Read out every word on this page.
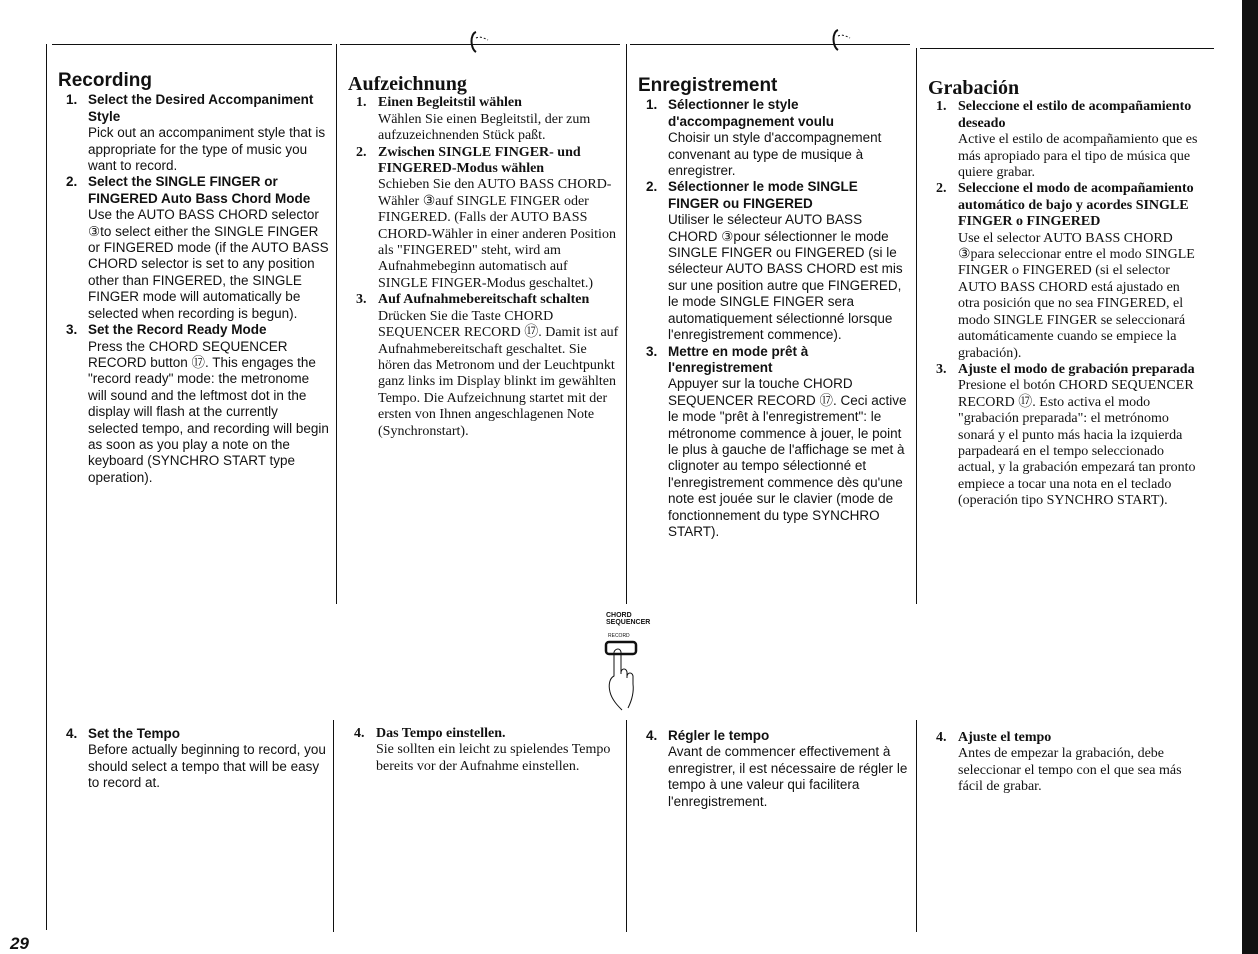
Recording
1. Select the Desired Accompaniment Style
Pick out an accompaniment style that is appropriate for the type of music you want to record.
2. Select the SINGLE FINGER or FINGERED Auto Bass Chord Mode
Use the AUTO BASS CHORD selector ③to select either the SINGLE FINGER or FINGERED mode (if the AUTO BASS CHORD selector is set to any position other than FINGERED, the SINGLE FINGER mode will automatically be selected when recording is begun).
3. Set the Record Ready Mode
Press the CHORD SEQUENCER RECORD button ⑰. This engages the "record ready" mode: the metronome will sound and the leftmost dot in the display will flash at the currently selected tempo, and recording will begin as soon as you play a note on the keyboard (SYNCHRO START type operation).
Aufzeichnung
1. Einen Begleitstil wählen
Wählen Sie einen Begleitstil, der zum aufzuzeichnenden Stück paßt.
2. Zwischen SINGLE FINGER- und FINGERED-Modus wählen
Schieben Sie den AUTO BASS CHORD-Wähler ③auf SINGLE FINGER oder FINGERED. (Falls der AUTO BASS CHORD-Wähler in einer anderen Position als "FINGERED" steht, wird am Aufnahmebeginn automatisch auf SINGLE FINGER-Modus geschaltet.)
3. Auf Aufnahmebereitschaft schalten
Drücken Sie die Taste CHORD SEQUENCER RECORD ⑰. Damit ist auf Aufnahmebereitschaft geschaltet. Sie hören das Metronom und der Leuchtpunkt ganz links im Display blinkt im gewählten Tempo. Die Aufzeichnung startet mit der ersten von Ihnen angeschlagenen Note (Synchronstart).
Enregistrement
1. Sélectionner le style d'accompagnement voulu
Choisir un style d'accompagnement convenant au type de musique à enregistrer.
2. Sélectionner le mode SINGLE FINGER ou FINGERED
Utiliser le sélecteur AUTO BASS CHORD ③pour sélectionner le mode SINGLE FINGER ou FINGERED (si le sélecteur AUTO BASS CHORD est mis sur une position autre que FINGERED, le mode SINGLE FINGER sera automatiquement sélectionné lorsque l'enregistrement commence).
3. Mettre en mode prêt à l'enregistrement
Appuyer sur la touche CHORD SEQUENCER RECORD ⑰. Ceci active le mode "prêt à l'enregistrement": le métronome commence à jouer, le point le plus à gauche de l'affichage se met à clignoter au tempo sélectionné et l'enregistrement commence dès qu'une note est jouée sur le clavier (mode de fonctionnement du type SYNCHRO START).
Grabación
1. Seleccione el estilo de acompañamiento deseado
Active el estilo de acompañamiento que es más apropiado para el tipo de música que quiere grabar.
2. Seleccione el modo de acompañamiento automático de bajo y acordes SINGLE FINGER o FINGERED
Use el selector AUTO BASS CHORD ③para seleccionar entre el modo SINGLE FINGER o FINGERED (si el selector AUTO BASS CHORD está ajustado en otra posición que no sea FINGERED, el modo SINGLE FINGER se seleccionará automáticamente cuando se empiece la grabación).
3. Ajuste el modo de grabación preparada
Presione el botón CHORD SEQUENCER RECORD ⑰. Esto activa el modo "grabación preparada": el metrónomo sonará y el punto más hacia la izquierda parpadeará en el tempo seleccionado actual, y la grabación empezará tan pronto empiece a tocar una nota en el teclado (operación tipo SYNCHRO START).
CHORD
SEQUENCER
RECORD
4. Set the Tempo
Before actually beginning to record, you should select a tempo that will be easy to record at.
4. Das Tempo einstellen.
Sie sollten ein leicht zu spielendes Tempo bereits vor der Aufnahme einstellen.
4. Régler le tempo
Avant de commencer effectivement à enregistrer, il est nécessaire de régler le tempo à une valeur qui facilitera l'enregistrement.
4. Ajuste el tempo
Antes de empezar la grabación, debe seleccionar el tempo con el que sea más fácil de grabar.
29
